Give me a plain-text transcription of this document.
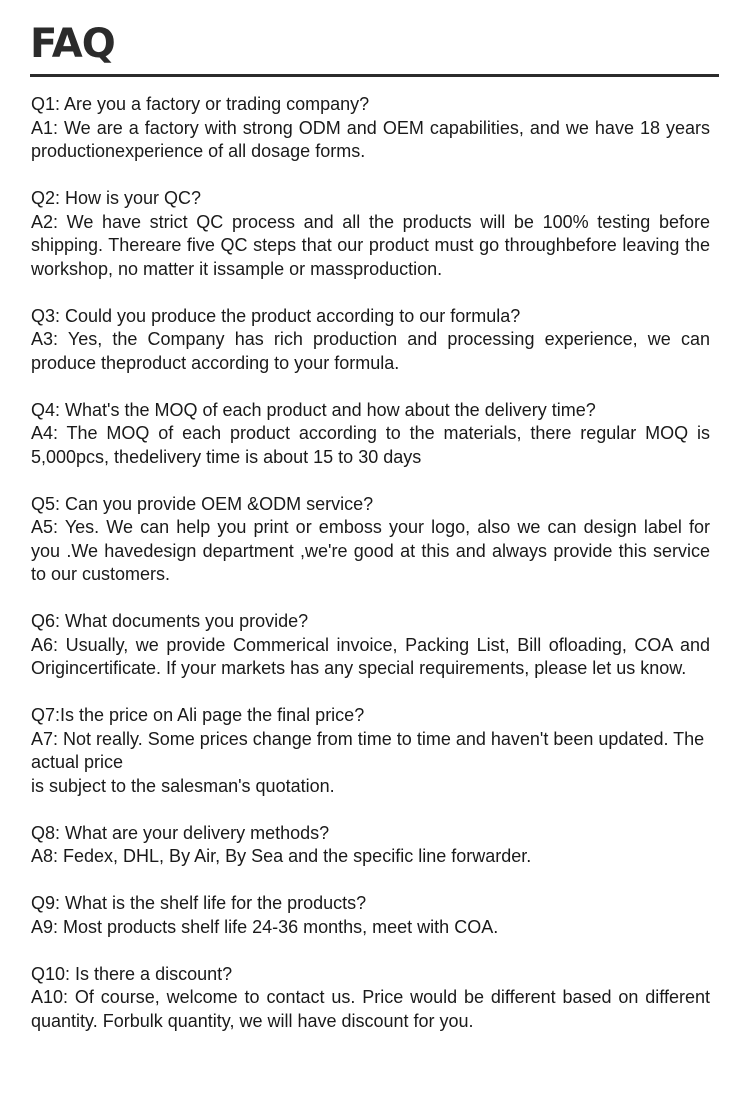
FAQ
Q1: Are you a factory or trading company?
A1: We are a factory with strong ODM and OEM capabilities, and we have 18 years productionexperience of all dosage forms.
Q2: How is your QC?
A2: We have strict QC process and all the products will be 100% testing before shipping. Thereare five QC steps that our product must go throughbefore leaving the workshop, no matter it issample or massproduction.
Q3: Could you produce the product according to our formula?
A3: Yes, the Company has rich production and processing experience, we can produce theproduct according to your formula.
Q4: What's the MOQ of each product and how about the delivery time?
A4: The MOQ of each product according to the materials, there regular MOQ is 5,000pcs, thedelivery time is about 15 to 30 days
Q5: Can you provide OEM &ODM service?
A5: Yes. We can help you print or emboss your logo, also we can design label for you .We havedesign department ,we're good at this and always provide this service to our customers.
Q6: What documents you provide?
A6: Usually, we provide Commerical invoice, Packing List, Bill ofloading, COA and Origincertificate. If your markets has any special requirements, please let us know.
Q7:Is the price on Ali page the final price?
A7: Not really. Some prices change from time to time and haven't been updated. The actual price
is subject to the salesman's quotation.
Q8: What are your delivery methods?
A8: Fedex, DHL, By Air, By Sea and the specific line forwarder.
Q9: What is the shelf life for the products?
A9: Most products shelf life 24-36 months, meet with COA.
Q10: Is there a discount?
A10: Of course, welcome to contact us. Price would be different based on different quantity. Forbulk quantity, we will have discount for you.
